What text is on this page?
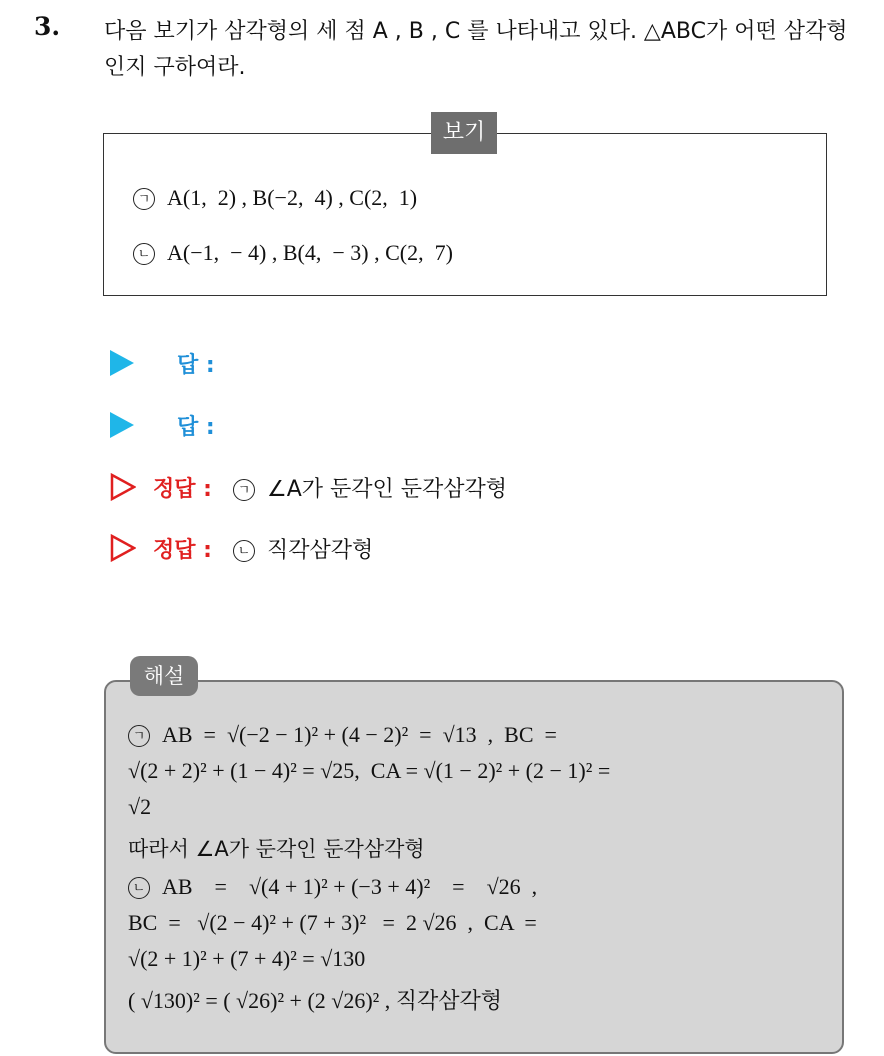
3. 다음 보기가 삼각형의 세 점 A , B , C 를 나타내고 있다. △ABC가 어떤 삼각형인지 구하여라.
보기
ㄱ A(1,  2) , B(−2,  4) , C(2,  1)
ㄴ A(−1,  − 4) , B(4,  − 3) , C(2,  7)
답 :
답 :
정답 : ㄱ ∠A가 둔각인 둔각삼각형
정답 : ㄴ 직각삼각형
해설
ㄱ AB  =  √(−2 − 1)² + (4 − 2)²  =  √13  ,  BC  =
√(2 + 2)² + (1 − 4)² = √25,  CA = √(1 − 2)² + (2 − 1)² =
√2
따라서 ∠A가 둔각인 둔각삼각형
ㄴ AB    =    √(4 + 1)² + (−3 + 4)²    =    √26  ,
BC  =   √(2 − 4)² + (7 + 3)²   =  2 √26  ,  CA  =
√(2 + 1)² + (7 + 4)² = √130
( √130)² = ( √26)² + (2 √26)² , 직각삼각형
